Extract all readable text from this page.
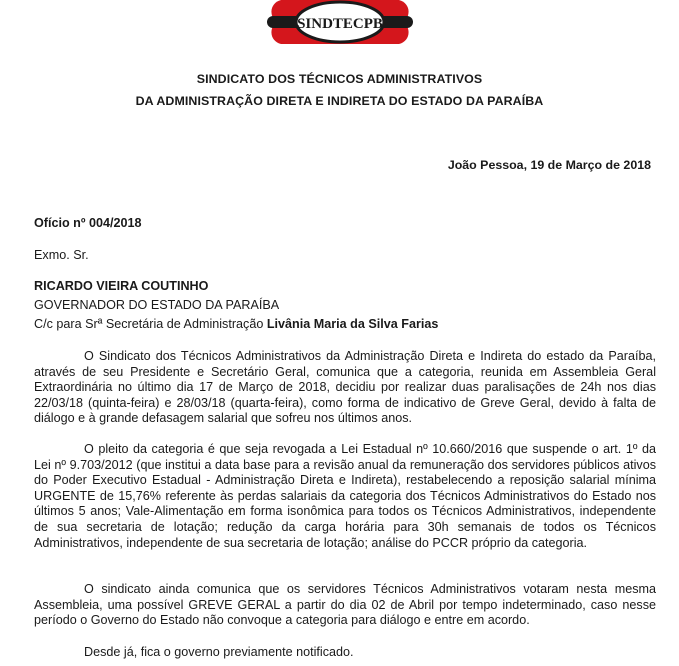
SINDTECPB
SINDICATO DOS TÉCNICOS ADMINISTRATIVOS
DA ADMINISTRAÇÃO DIRETA E INDIRETA DO ESTADO DA PARAÍBA
João Pessoa, 19 de Março de 2018
Ofício nº 004/2018
Exmo. Sr.
RICARDO VIEIRA COUTINHO
GOVERNADOR DO ESTADO DA PARAÍBA
C/c para Srª Secretária de Administração Livânia Maria da Silva Farias

O Sindicato dos Técnicos Administrativos da Administração Direta e Indireta do estado da Paraíba, através de seu Presidente e Secretário Geral, comunica que a categoria, reunida em Assembleia Geral Extraordinária no último dia 17 de Março de 2018, decidiu por realizar duas paralisações de 24h nos dias 22/03/18 (quinta-feira) e 28/03/18 (quarta-feira), como forma de indicativo de Greve Geral, devido à falta de diálogo e à grande defasagem salarial que sofreu nos últimos anos.

O pleito da categoria é que seja revogada a Lei Estadual nº 10.660/2016 que suspende o art. 1º da Lei nº 9.703/2012 (que institui a data base para a revisão anual da remuneração dos servidores públicos ativos do Poder Executivo Estadual - Administração Direta e Indireta), restabelecendo a reposição salarial mínima URGENTE de 15,76% referente às perdas salariais da categoria dos Técnicos Administrativos do Estado nos últimos 5 anos; Vale-Alimentação em forma isonômica para todos os Técnicos Administrativos, independente de sua secretaria de lotação; redução da carga horária para 30h semanais de todos os Técnicos Administrativos, independente de sua secretaria de lotação; análise do PCCR próprio da categoria.

O sindicato ainda comunica que os servidores Técnicos Administrativos votaram nesta mesma Assembleia, uma possível GREVE GERAL a partir do dia 02 de Abril por tempo indeterminado, caso nesse período o Governo do Estado não convoque a categoria para diálogo e entre em acordo.

Desde já, fica o governo previamente notificado.
